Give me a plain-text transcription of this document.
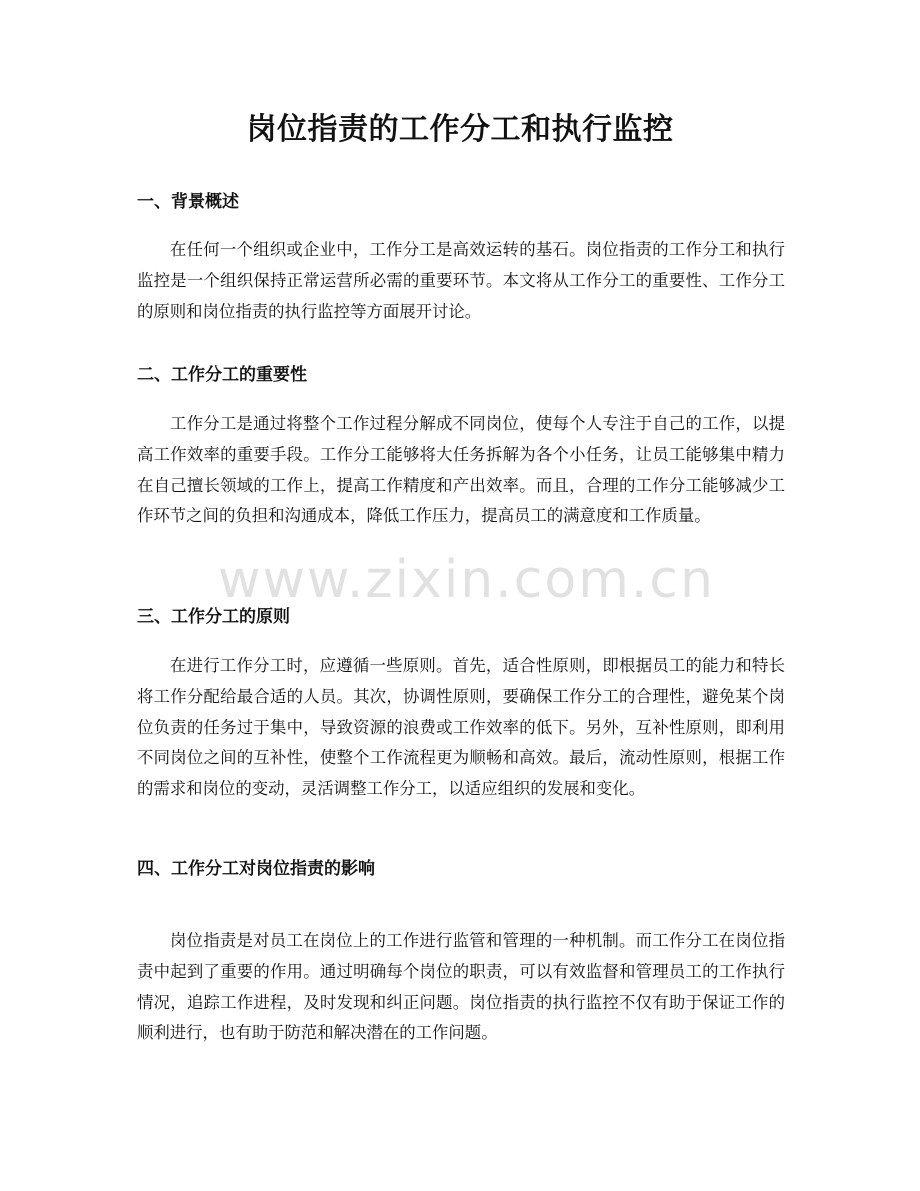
岗位指责的工作分工和执行监控
一、背景概述

在任何一个组织或企业中，工作分工是高效运转的基石。岗位指责的工作分工和执行监控是一个组织保持正常运营所必需的重要环节。本文将从工作分工的重要性、工作分工的原则和岗位指责的执行监控等方面展开讨论。

二、工作分工的重要性

工作分工是通过将整个工作过程分解成不同岗位，使每个人专注于自己的工作，以提高工作效率的重要手段。工作分工能够将大任务拆解为各个小任务，让员工能够集中精力在自己擅长领域的工作上，提高工作精度和产出效率。而且，合理的工作分工能够减少工作环节之间的负担和沟通成本，降低工作压力，提高员工的满意度和工作质量。

三、工作分工的原则

在进行工作分工时，应遵循一些原则。首先，适合性原则，即根据员工的能力和特长将工作分配给最合适的人员。其次，协调性原则，要确保工作分工的合理性，避免某个岗位负责的任务过于集中，导致资源的浪费或工作效率的低下。另外，互补性原则，即利用不同岗位之间的互补性，使整个工作流程更为顺畅和高效。最后，流动性原则，根据工作的需求和岗位的变动，灵活调整工作分工，以适应组织的发展和变化。

四、工作分工对岗位指责的影响

岗位指责是对员工在岗位上的工作进行监管和管理的一种机制。而工作分工在岗位指责中起到了重要的作用。通过明确每个岗位的职责，可以有效监督和管理员工的工作执行情况，追踪工作进程，及时发现和纠正问题。岗位指责的执行监控不仅有助于保证工作的顺利进行，也有助于防范和解决潜在的工作问题。

www.zixin.com.cn
